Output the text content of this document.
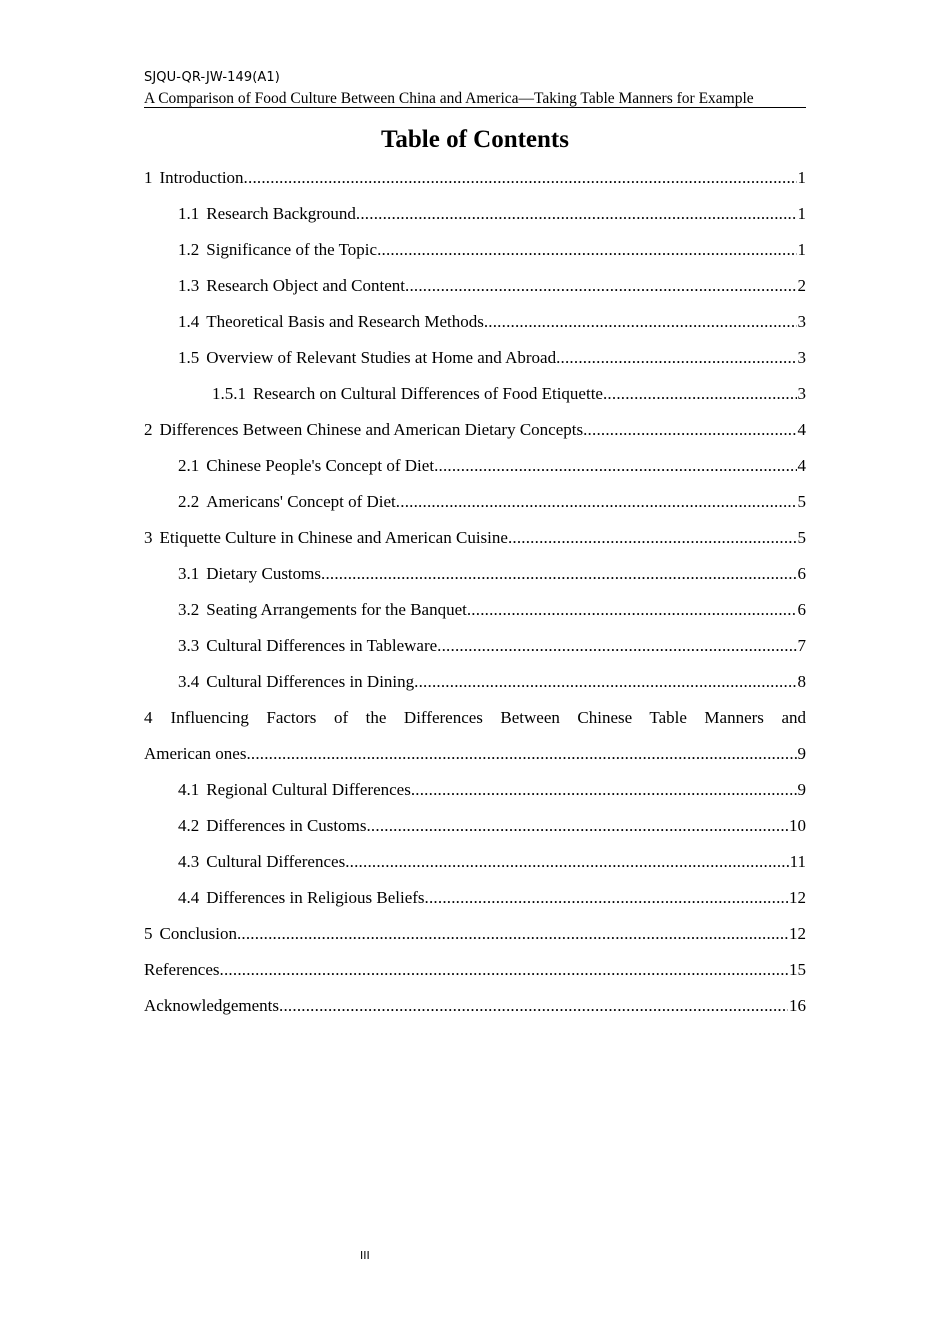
SJQU-QR-JW-149(A1)
A Comparison of Food Culture Between China and America—Taking Table Manners for Example
Table of Contents
1 Introduction .....	1
1.1 Research Background .....	1
1.2 Significance of the Topic .....	1
1.3 Research Object and Content .....	2
1.4 Theoretical Basis and Research Methods .....	3
1.5 Overview of Relevant Studies at Home and Abroad .....	3
1.5.1 Research on Cultural Differences of Food Etiquette .....	3
2 Differences Between Chinese and American Dietary Concepts .....	4
2.1 Chinese People's Concept of Diet .....	4
2.2 Americans' Concept of Diet .....	5
3 Etiquette Culture in Chinese and American Cuisine .....	5
3.1 Dietary Customs .....	6
3.2 Seating Arrangements for the Banquet .....	6
3.3 Cultural Differences in Tableware .....	7
3.4 Cultural Differences in Dining .....	8
4	Influencing Factors of the Differences Between Chinese Table Manners and
American ones .....	9
4.1 Regional Cultural Differences .....	9
4.2 Differences in Customs .....	10
4.3 Cultural Differences .....	11
4.4 Differences in Religious Beliefs .....	12
5 Conclusion .....	12
References .....	15
Acknowledgements .....	16
III
